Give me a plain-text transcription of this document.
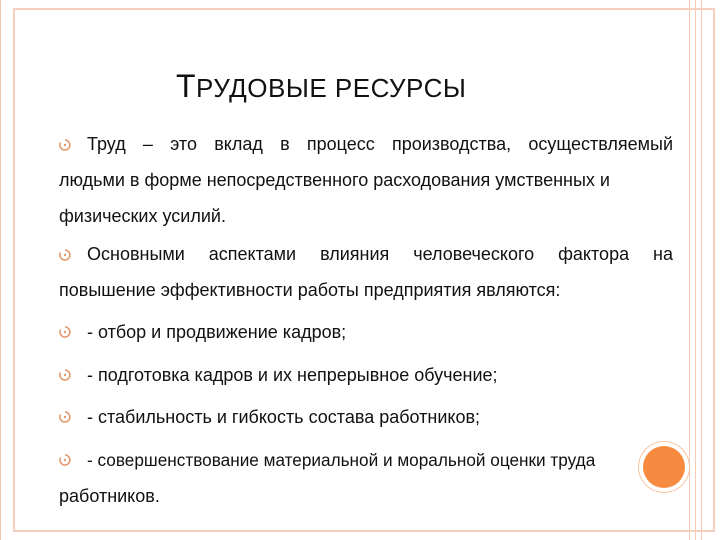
ТРУДОВЫЕ РЕСУРСЫ
Труд – это вклад в процесс производства, осуществляемый
людьми в форме непосредственного расходования умственных и физических усилий.
Основными аспектами влияния человеческого фактора на
повышение эффективности работы предприятия являются:
- отбор и продвижение кадров;
- подготовка кадров и их непрерывное обучение;
- стабильность и гибкость состава работников;
- совершенствование материальной и моральной оценки труда
работников.
